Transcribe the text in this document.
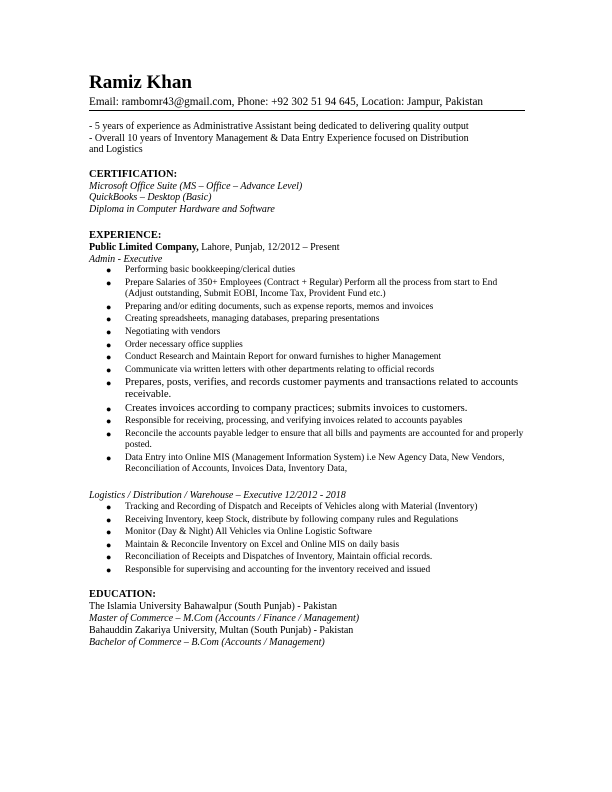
Ramiz Khan
Email: rambomr43@gmail.com, Phone: +92 302 51 94 645, Location: Jampur, Pakistan
- 5 years of experience as Administrative Assistant being dedicated to delivering quality output
- Overall 10 years of Inventory Management & Data Entry Experience focused on Distribution
and Logistics
CERTIFICATION:
Microsoft Office Suite (MS – Office – Advance Level)
QuickBooks – Desktop (Basic)
Diploma in Computer Hardware and Software
EXPERIENCE:
Public Limited Company, Lahore, Punjab, 12/2012 – Present
Admin - Executive
● Performing basic bookkeeping/clerical duties
● Prepare Salaries of 350+ Employees (Contract + Regular) Perform all the process from start to End (Adjust outstanding, Submit EOBI, Income Tax, Provident Fund etc.)
● Preparing and/or editing documents, such as expense reports, memos and invoices
● Creating spreadsheets, managing databases, preparing presentations
● Negotiating with vendors
● Order necessary office supplies
● Conduct Research and Maintain Report for onward furnishes to higher Management
● Communicate via written letters with other departments relating to official records
● Prepares, posts, verifies, and records customer payments and transactions related to accounts receivable.
● Creates invoices according to company practices; submits invoices to customers.
● Responsible for receiving, processing, and verifying invoices related to accounts payables
● Reconcile the accounts payable ledger to ensure that all bills and payments are accounted for and properly posted.
● Data Entry into Online MIS (Management Information System) i.e New Agency Data, New Vendors, Reconciliation of Accounts, Invoices Data, Inventory Data,
Logistics / Distribution / Warehouse – Executive 12/2012 - 2018
● Tracking and Recording of Dispatch and Receipts of Vehicles along with Material (Inventory)
● Receiving Inventory, keep Stock, distribute by following company rules and Regulations
● Monitor (Day & Night) All Vehicles via Online Logistic Software
● Maintain & Reconcile Inventory on Excel and Online MIS on daily basis
● Reconciliation of Receipts and Dispatches of Inventory, Maintain official records.
● Responsible for supervising and accounting for the inventory received and issued
EDUCATION:
The Islamia University Bahawalpur (South Punjab) - Pakistan
Master of Commerce – M.Com (Accounts / Finance / Management)
Bahauddin Zakariya University, Multan (South Punjab) - Pakistan
Bachelor of Commerce – B.Com (Accounts / Management)
